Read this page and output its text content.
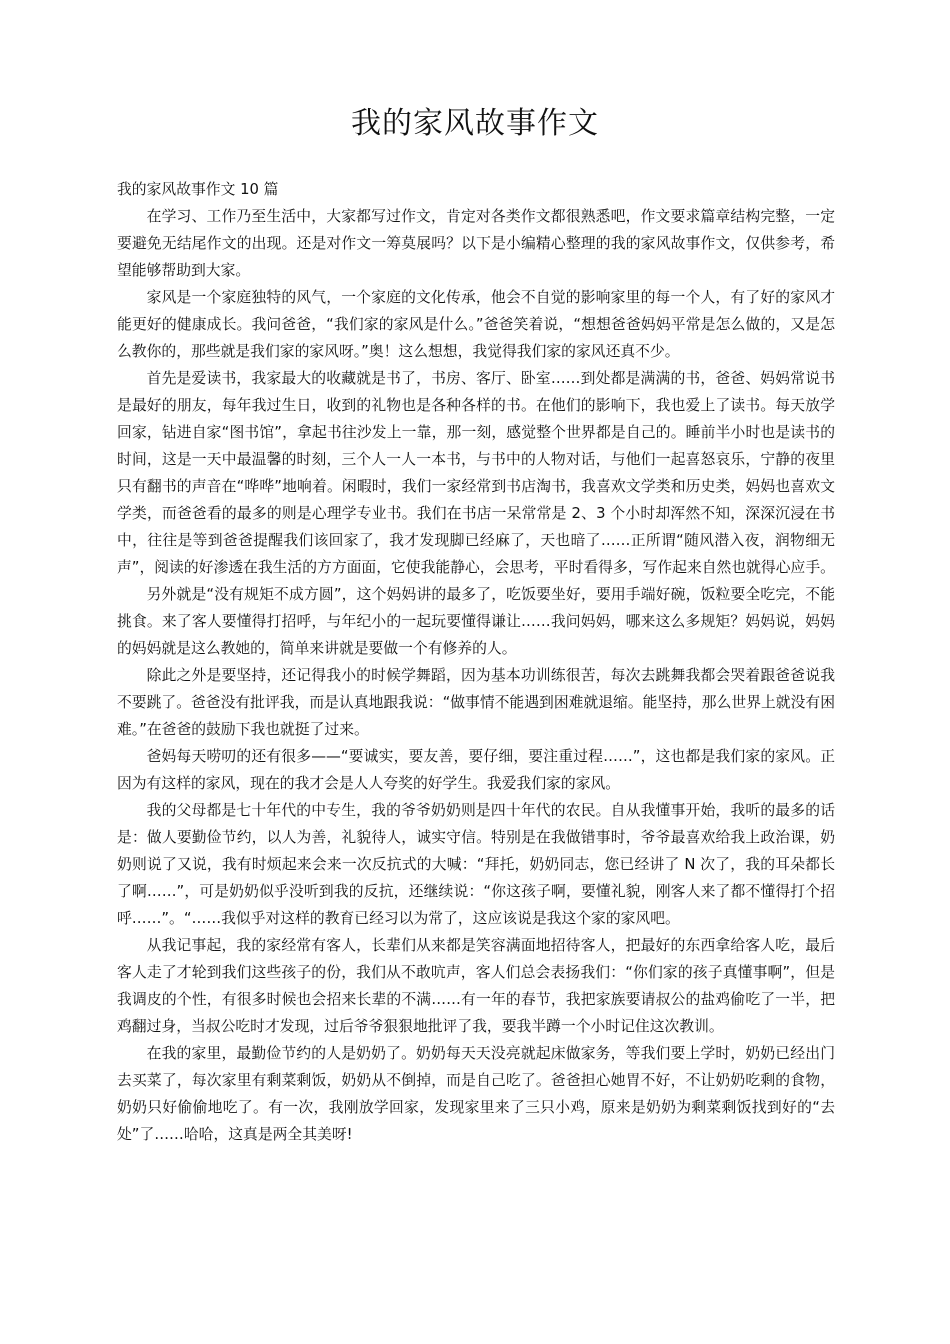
我的家风故事作文

我的家风故事作文 10 篇

在学习、工作乃至生活中，大家都写过作文，肯定对各类作文都很熟悉吧，作文要求篇章结构完整，一定要避免无结尾作文的出现。还是对作文一筹莫展吗？以下是小编精心整理的我的家风故事作文，仅供参考，希望能够帮助到大家。

家风是一个家庭独特的风气，一个家庭的文化传承，他会不自觉的影响家里的每一个人，有了好的家风才能更好的健康成长。我问爸爸，“我们家的家风是什么。”爸爸笑着说，“想想爸爸妈妈平常是怎么做的，又是怎么教你的，那些就是我们家的家风呀。”奥！这么想想，我觉得我们家的家风还真不少。

首先是爱读书，我家最大的收藏就是书了，书房、客厅、卧室……到处都是满满的书，爸爸、妈妈常说书是最好的朋友，每年我过生日，收到的礼物也是各种各样的书。在他们的影响下，我也爱上了读书。每天放学回家，钻进自家“图书馆”，拿起书往沙发上一靠，那一刻，感觉整个世界都是自己的。睡前半小时也是读书的时间，这是一天中最温馨的时刻，三个人一人一本书，与书中的人物对话，与他们一起喜怒哀乐，宁静的夜里只有翻书的声音在“哗哗”地响着。闲暇时，我们一家经常到书店淘书，我喜欢文学类和历史类，妈妈也喜欢文学类，而爸爸看的最多的则是心理学专业书。我们在书店一呆常常是 2、3 个小时却浑然不知，深深沉浸在书中，往往是等到爸爸提醒我们该回家了，我才发现脚已经麻了，天也暗了……正所谓“随风潜入夜，润物细无声”，阅读的好渗透在我生活的方方面面，它使我能静心，会思考，平时看得多，写作起来自然也就得心应手。

另外就是“没有规矩不成方圆”，这个妈妈讲的最多了，吃饭要坐好，要用手端好碗，饭粒要全吃完，不能挑食。来了客人要懂得打招呼，与年纪小的一起玩要懂得谦让……我问妈妈，哪来这么多规矩？妈妈说，妈妈的妈妈就是这么教她的，简单来讲就是要做一个有修养的人。

除此之外是要坚持，还记得我小的时候学舞蹈，因为基本功训练很苦，每次去跳舞我都会哭着跟爸爸说我不要跳了。爸爸没有批评我，而是认真地跟我说：“做事情不能遇到困难就退缩。能坚持，那么世界上就没有困难。”在爸爸的鼓励下我也就挺了过来。

爸妈每天唠叨的还有很多——“要诚实，要友善，要仔细，要注重过程……”，这也都是我们家的家风。正因为有这样的家风，现在的我才会是人人夸奖的好学生。我爱我们家的家风。

我的父母都是七十年代的中专生，我的爷爷奶奶则是四十年代的农民。自从我懂事开始，我听的最多的话是：做人要勤俭节约，以人为善，礼貌待人，诚实守信。特别是在我做错事时，爷爷最喜欢给我上政治课，奶奶则说了又说，我有时烦起来会来一次反抗式的大喊：“拜托，奶奶同志，您已经讲了 N 次了，我的耳朵都长了啊……”，可是奶奶似乎没听到我的反抗，还继续说：“你这孩子啊，要懂礼貌，刚客人来了都不懂得打个招呼……”。“……我似乎对这样的教育已经习以为常了，这应该说是我这个家的家风吧。

从我记事起，我的家经常有客人，长辈们从来都是笑容满面地招待客人，把最好的东西拿给客人吃，最后客人走了才轮到我们这些孩子的份，我们从不敢吭声，客人们总会表扬我们：“你们家的孩子真懂事啊”，但是我调皮的个性，有很多时候也会招来长辈的不满……有一年的春节，我把家族要请叔公的盐鸡偷吃了一半，把鸡翻过身，当叔公吃时才发现，过后爷爷狠狠地批评了我，要我半蹲一个小时记住这次教训。

在我的家里，最勤俭节约的人是奶奶了。奶奶每天天没亮就起床做家务，等我们要上学时，奶奶已经出门去买菜了，每次家里有剩菜剩饭，奶奶从不倒掉，而是自己吃了。爸爸担心她胃不好，不让奶奶吃剩的食物，奶奶只好偷偷地吃了。有一次，我刚放学回家，发现家里来了三只小鸡，原来是奶奶为剩菜剩饭找到好的“去处”了……哈哈，这真是两全其美呀!
